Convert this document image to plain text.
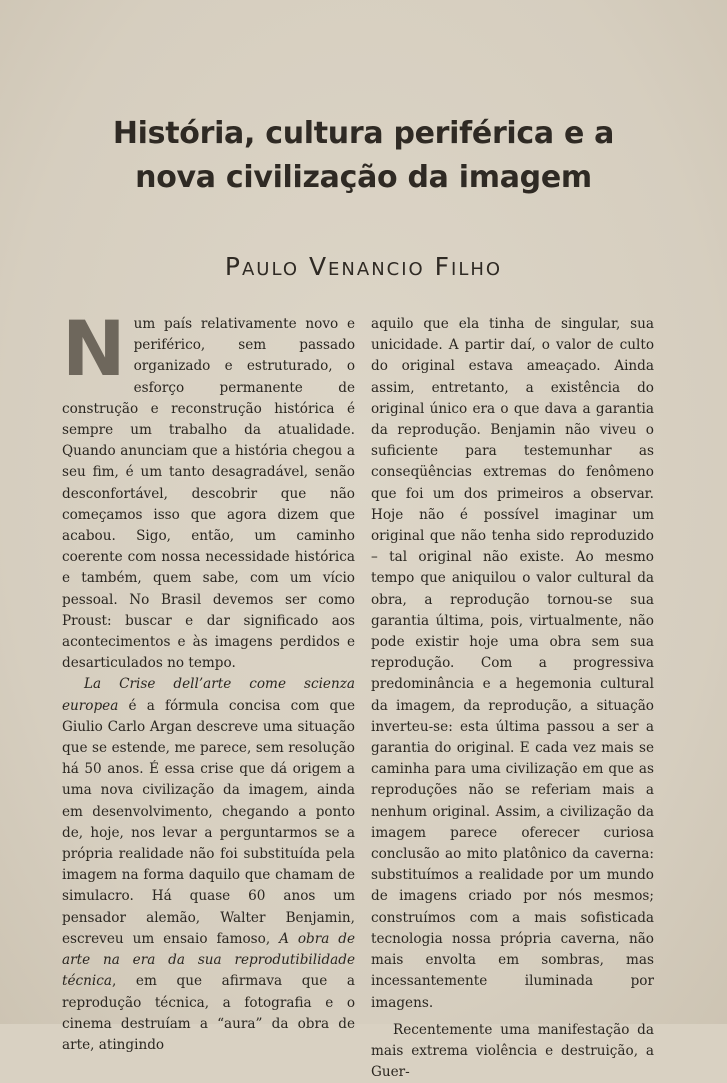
História, cultura periférica e a
nova civilização da imagem
Paulo Venancio Filho

Num país relativamente novo e periférico, sem passado organizado e estruturado, o esforço permanente de construção e reconstrução histórica é sempre um trabalho da atualidade. Quando anunciam que a história chegou a seu fim, é um tanto desagradável, senão desconfortável, descobrir que não começamos isso que agora dizem que acabou. Sigo, então, um caminho coerente com nossa necessidade histórica e também, quem sabe, com um vício pessoal. No Brasil devemos ser como Proust: buscar e dar significado aos acontecimentos e às imagens perdidos e desarticulados no tempo.

La Crise dell’arte come scienza europea é a fórmula concisa com que Giulio Carlo Argan descreve uma situação que se estende, me parece, sem resolução há 50 anos. É essa crise que dá origem a uma nova civilização da imagem, ainda em desenvolvimento, chegando a ponto de, hoje, nos levar a perguntarmos se a própria realidade não foi substituída pela imagem na forma daquilo que chamam de simulacro. Há quase 60 anos um pensador alemão, Walter Benjamin, escreveu um ensaio famoso, A obra de arte na era da sua reprodutibilidade técnica, em que afirmava que a reprodução técnica, a fotografia e o cinema destruíam a “aura” da obra de arte, atingindo

aquilo que ela tinha de singular, sua unicidade. A partir daí, o valor de culto do original estava ameaçado. Ainda assim, entretanto, a existência do original único era o que dava a garantia da reprodução. Benjamin não viveu o suficiente para testemunhar as conseqüências extremas do fenômeno que foi um dos primeiros a observar. Hoje não é possível imaginar um original que não tenha sido reproduzido – tal original não existe. Ao mesmo tempo que aniquilou o valor cultural da obra, a reprodução tornou-se sua garantia última, pois, virtualmente, não pode existir hoje uma obra sem sua reprodução. Com a progressiva predominância e a hegemonia cultural da imagem, da reprodução, a situação inverteu-se: esta última passou a ser a garantia do original. E cada vez mais se caminha para uma civilização em que as reproduções não se referiam mais a nenhum original. Assim, a civilização da imagem parece oferecer curiosa conclusão ao mito platônico da caverna: substituímos a realidade por um mundo de imagens criado por nós mesmos; construímos com a mais sofisticada tecnologia nossa própria caverna, não mais envolta em sombras, mas incessantemente iluminada por imagens.

Recentemente uma manifestação da mais extrema violência e destruição, a Guer-
